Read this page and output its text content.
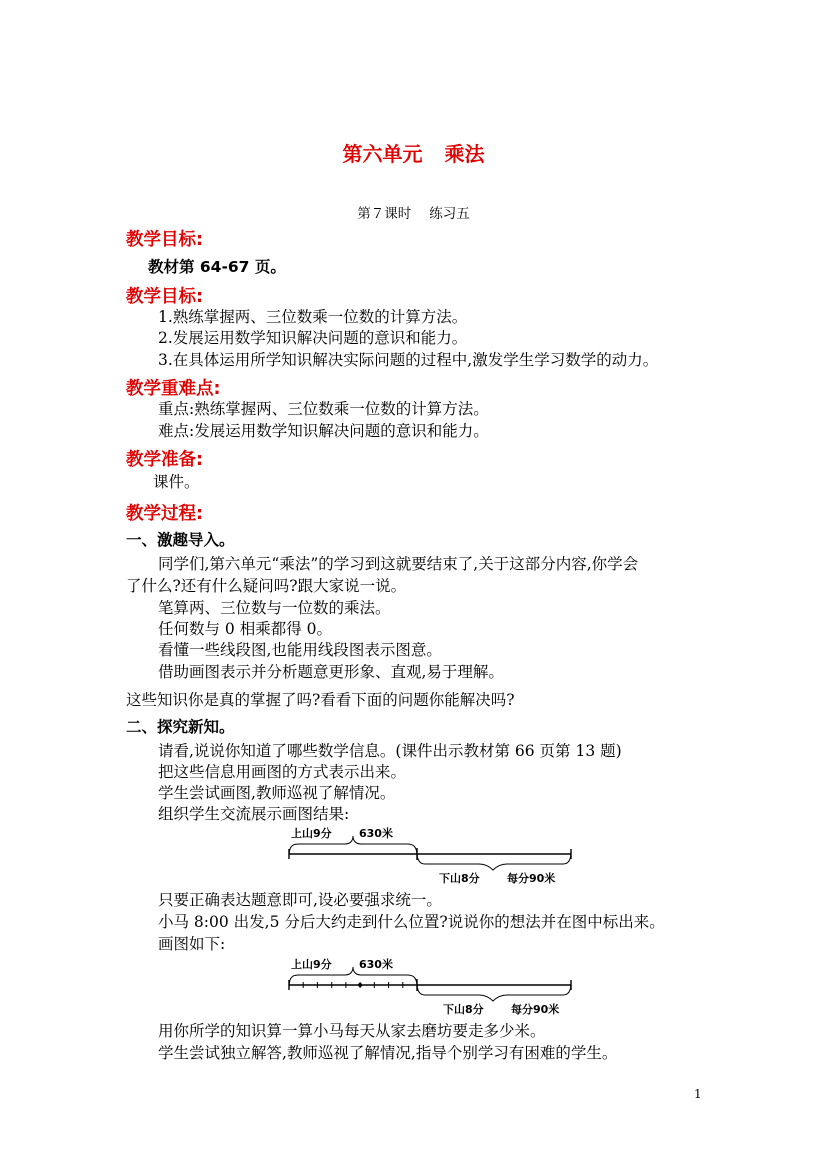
第六单元 乘法
第７课时 练习五
教学目标:
教材第 64-67 页。
教学目标:
1.熟练掌握两、三位数乘一位数的计算方法。
2.发展运用数学知识解决问题的意识和能力。
3.在具体运用所学知识解决实际问题的过程中,激发学生学习数学的动力。
教学重难点:
重点:熟练掌握两、三位数乘一位数的计算方法。
难点:发展运用数学知识解决问题的意识和能力。
教学准备:
课件。
教学过程:
一、激趣导入。
同学们,第六单元“乘法”的学习到这就要结束了,关于这部分内容,你学会
了什么?还有什么疑问吗?跟大家说一说。
笔算两、三位数与一位数的乘法。
任何数与 0 相乘都得 0。
看懂一些线段图,也能用线段图表示图意。
借助画图表示并分析题意更形象、直观,易于理解。
这些知识你是真的掌握了吗?看看下面的问题你能解决吗?
二、探究新知。
请看,说说你知道了哪些数学信息。(课件出示教材第 66 页第 13 题)
把这些信息用画图的方式表示出来。
学生尝试画图,教师巡视了解情况。
组织学生交流展示画图结果:
上山9分 630米
下山8分 每分90米
只要正确表达题意即可,设必要强求统一。
小马 8:00 出发,5 分后大约走到什么位置?说说你的想法并在图中标出来。
画图如下:
上山9分 630米
下山8分 每分90米
用你所学的知识算一算小马每天从家去磨坊要走多少米。
学生尝试独立解答,教师巡视了解情况,指导个别学习有困难的学生。
1
